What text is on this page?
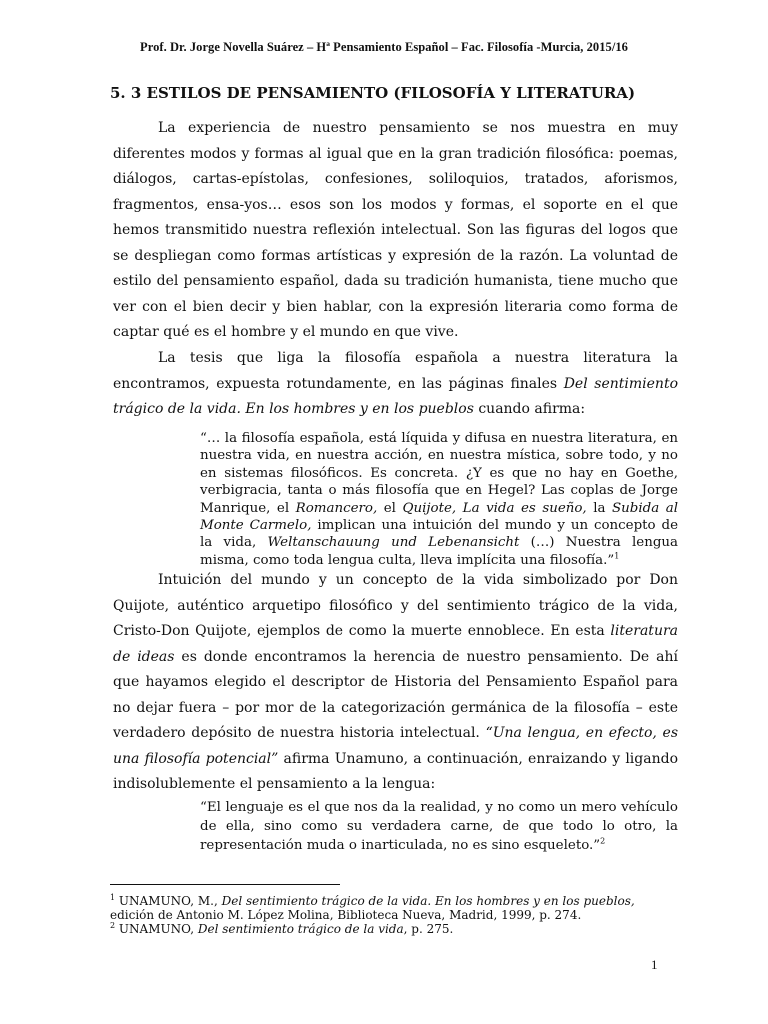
Prof. Dr. Jorge Novella Suárez – Hª Pensamiento Español – Fac. Filosofía -Murcia, 2015/16
5. 3 ESTILOS DE PENSAMIENTO (FILOSOFÍA Y LITERATURA)

La experiencia de nuestro pensamiento se nos muestra en muy diferentes modos y formas al igual que en la gran tradición filosófica: poemas, diálogos, cartas-epístolas, confesiones, soliloquios, tratados, aforismos, fragmentos, ensa-yos… esos son los modos y formas, el soporte en el que hemos transmitido nuestra reflexión intelectual. Son las figuras del logos que se despliegan como formas artísticas y expresión de la razón. La voluntad de estilo del pensamiento español, dada su tradición humanista, tiene mucho que ver con el bien decir y bien hablar, con la expresión literaria como forma de captar qué es el hombre y el mundo en que vive.

La tesis que liga la filosofía española a nuestra literatura la encontramos, expuesta rotundamente, en las páginas finales Del sentimiento trágico de la vida. En los hombres y en los pueblos cuando afirma:

“… la filosofía española, está líquida y difusa en nuestra literatura, en nuestra vida, en nuestra acción, en nuestra mística, sobre todo, y no en sistemas filosóficos. Es concreta. ¿Y es que no hay en Goethe, verbigracia, tanta o más filosofía que en Hegel? Las coplas de Jorge Manrique, el Romancero, el Quijote, La vida es sueño, la Subida al Monte Carmelo, implican una intuición del mundo y un concepto de la vida, Weltanschauung und Lebenansicht (…) Nuestra lengua misma, como toda lengua culta, lleva implícita una filosofía.”$^1$

Intuición del mundo y un concepto de la vida simbolizado por Don Quijote, auténtico arquetipo filosófico y del sentimiento trágico de la vida, Cristo-Don Quijote, ejemplos de como la muerte ennoblece. En esta literatura de ideas es donde encontramos la herencia de nuestro pensamiento. De ahí que hayamos elegido el descriptor de Historia del Pensamiento Español para no dejar fuera – por mor de la categorización germánica de la filosofía – este verdadero depósito de nuestra historia intelectual. “Una lengua, en efecto, es una filosofía potencial” afirma Unamuno, a continuación, enraizando y ligando indisolublemente el pensamiento a la lengua:

“El lenguaje es el que nos da la realidad, y no como un mero vehículo de ella, sino como su verdadera carne, de que todo lo otro, la representación muda o inarticulada, no es sino esqueleto.”$^2$

$^1$ UNAMUNO, M., Del sentimiento trágico de la vida. En los hombres y en los pueblos, edición de Antonio M. López Molina, Biblioteca Nueva, Madrid, 1999, p. 274.

$^2$ UNAMUNO, Del sentimiento trágico de la vida, p. 275.

1
